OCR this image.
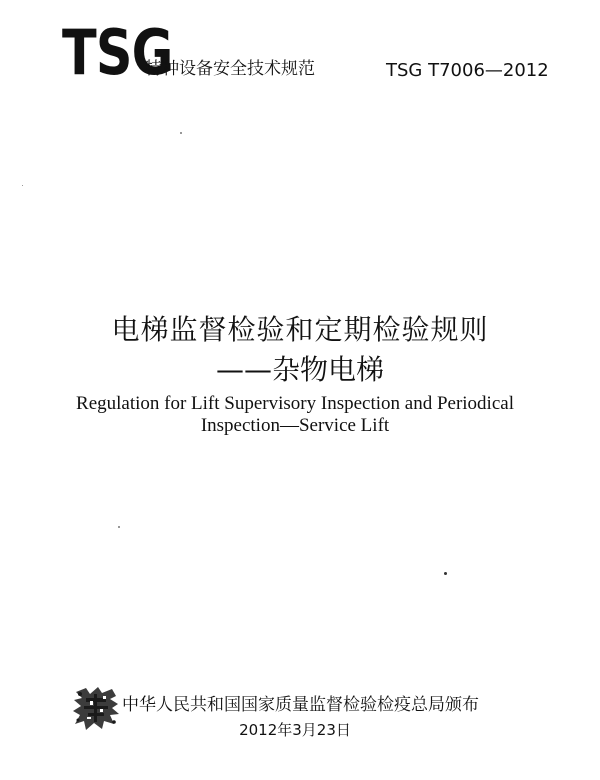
TSG
特种设备安全技术规范	TSG T7006—2012
电梯监督检验和定期检验规则
——杂物电梯
Regulation for Lift Supervisory Inspection and Periodical
Inspection—Service Lift
中华人民共和国国家质量监督检验检疫总局颁布
2012年3月23日
